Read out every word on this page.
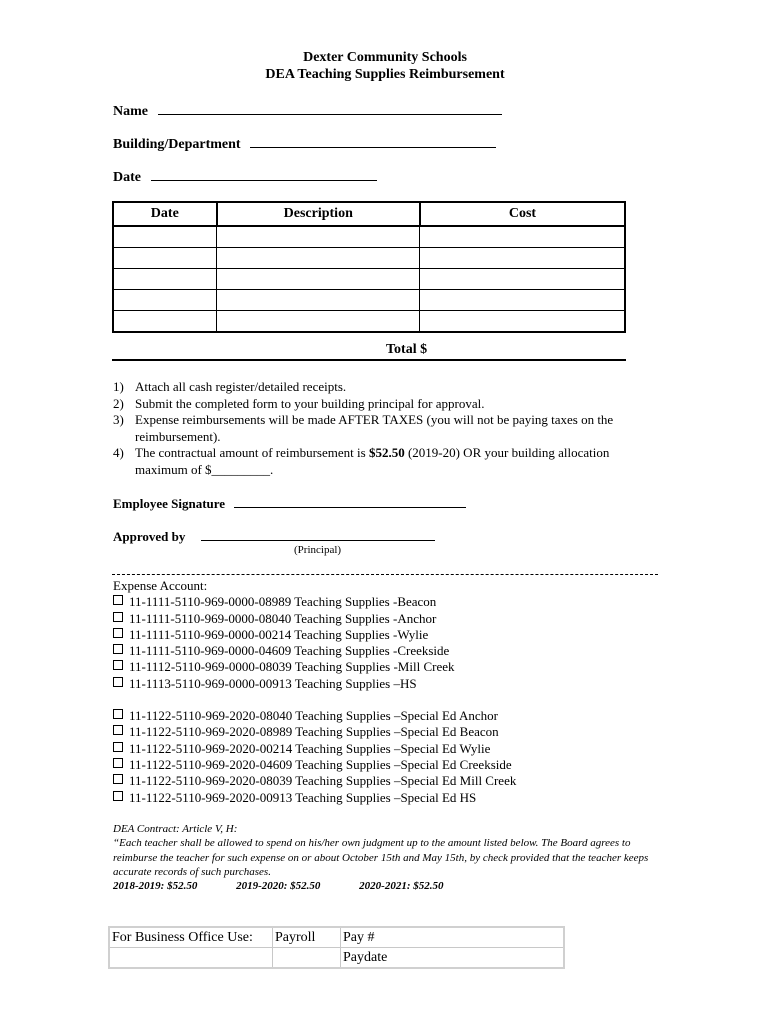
Dexter Community Schools
DEA Teaching Supplies Reimbursement
Name
Building/Department
Date
Date	Description	Cost

Total $
1) Attach all cash register/detailed receipts.
2) Submit the completed form to your building principal for approval.
3) Expense reimbursements will be made AFTER TAXES (you will not be paying taxes on the reimbursement).
4) The contractual amount of reimbursement is $52.50 (2019-20) OR your building allocation maximum of $_________.
Employee Signature
Approved by
(Principal)
Expense Account:
11-1111-5110-969-0000-08989 Teaching Supplies -Beacon
11-1111-5110-969-0000-08040 Teaching Supplies -Anchor
11-1111-5110-969-0000-00214 Teaching Supplies -Wylie
11-1111-5110-969-0000-04609 Teaching Supplies -Creekside
11-1112-5110-969-0000-08039 Teaching Supplies -Mill Creek
11-1113-5110-969-0000-00913 Teaching Supplies –HS
11-1122-5110-969-2020-08040 Teaching Supplies –Special Ed Anchor
11-1122-5110-969-2020-08989 Teaching Supplies –Special Ed Beacon
11-1122-5110-969-2020-00214 Teaching Supplies –Special Ed Wylie
11-1122-5110-969-2020-04609 Teaching Supplies –Special Ed Creekside
11-1122-5110-969-2020-08039 Teaching Supplies –Special Ed Mill Creek
11-1122-5110-969-2020-00913 Teaching Supplies –Special Ed HS
DEA Contract: Article V, H:
“Each teacher shall be allowed to spend on his/her own judgment up to the amount listed below. The Board agrees to reimburse the teacher for such expense on or about October 15th and May 15th, by check provided that the teacher keeps accurate records of such purchases.
2018-2019: $52.50	2019-2020: $52.50	2020-2021: $52.50
For Business Office Use:	Payroll	Pay #
		Paydate
